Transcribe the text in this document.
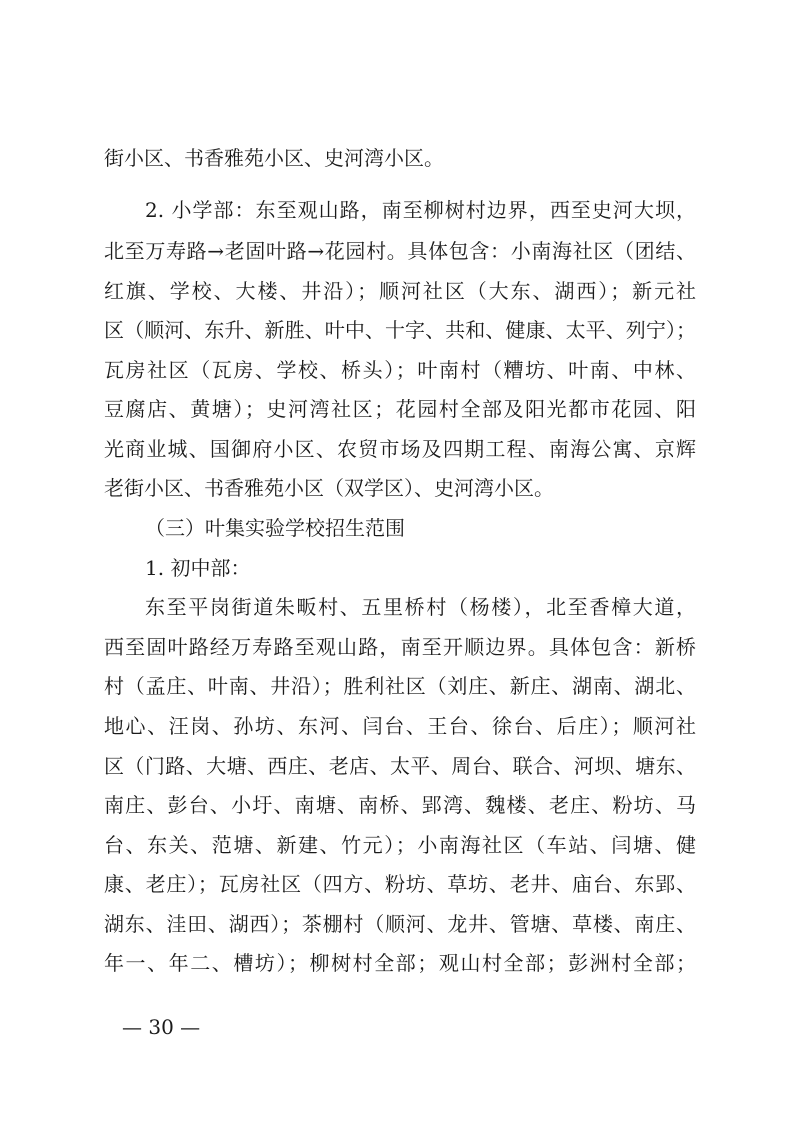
街小区、书香雅苑小区、史河湾小区。
2. 小学部：东至观山路，南至柳树村边界，西至史河大坝，
北至万寿路→老固叶路→花园村。具体包含：小南海社区（团结、
红旗、学校、大楼、井沿）；顺河社区（大东、湖西）；新元社
区（顺河、东升、新胜、叶中、十字、共和、健康、太平、列宁）；
瓦房社区（瓦房、学校、桥头）；叶南村（糟坊、叶南、中林、
豆腐店、黄塘）；史河湾社区；花园村全部及阳光都市花园、阳
光商业城、国御府小区、农贸市场及四期工程、南海公寓、京辉
老街小区、书香雅苑小区（双学区）、史河湾小区。
（三）叶集实验学校招生范围
1. 初中部：
东至平岗街道朱畈村、五里桥村（杨楼），北至香樟大道，
西至固叶路经万寿路至观山路，南至开顺边界。具体包含：新桥
村（孟庄、叶南、井沿）；胜利社区（刘庄、新庄、湖南、湖北、
地心、汪岗、孙坊、东河、闫台、王台、徐台、后庄）；顺河社
区（门路、大塘、西庄、老店、太平、周台、联合、河坝、塘东、
南庄、彭台、小圩、南塘、南桥、郢湾、魏楼、老庄、粉坊、马
台、东关、范塘、新建、竹元）；小南海社区（车站、闫塘、健
康、老庄）；瓦房社区（四方、粉坊、草坊、老井、庙台、东郢、
湖东、洼田、湖西）；茶棚村（顺河、龙井、管塘、草楼、南庄、
年一、年二、槽坊）；柳树村全部；观山村全部；彭洲村全部；
— 30 —
